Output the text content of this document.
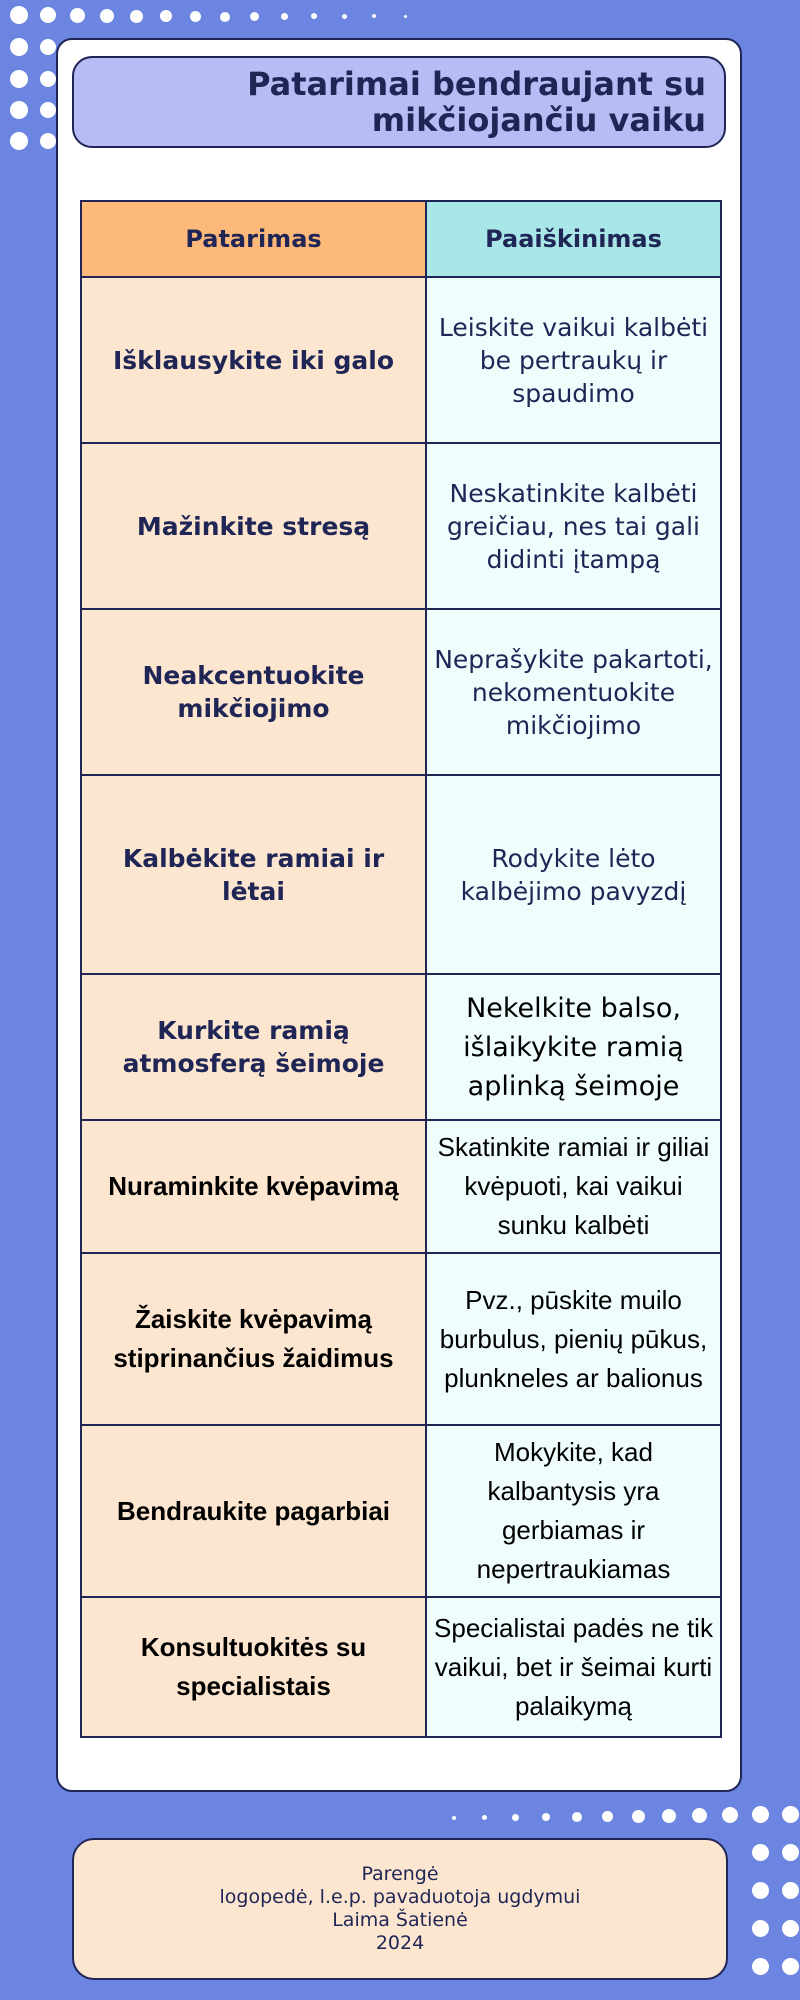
Patarimai bendraujant su mikčiojančiu vaiku
Patarimas	Paaiškinimas
Išklausykite iki galo	Leiskite vaikui kalbėti be pertraukų ir spaudimo
Mažinkite stresą	Neskatinkite kalbėti greičiau, nes tai gali didinti įtampą
Neakcentuokite mikčiojimo	Neprašykite pakartoti, nekomentuokite mikčiojimo
Kalbėkite ramiai ir lėtai	Rodykite lėto kalbėjimo pavyzdį
Kurkite ramią atmosferą šeimoje	Nekelkite balso, išlaikykite ramią aplinką šeimoje
Nuraminkite kvėpavimą	Skatinkite ramiai ir giliai kvėpuoti, kai vaikui sunku kalbėti
Žaiskite kvėpavimą stiprinančius žaidimus	Pvz., pūskite muilo burbulus, pienių pūkus, plunkneles ar balionus
Bendraukite pagarbiai	Mokykite, kad kalbantysis yra gerbiamas ir nepertraukiamas
Konsultuokitės su specialistais	Specialistai padės ne tik vaikui, bet ir šeimai kurti palaikymą
Parengė
logopedė, l.e.p. pavaduotoja ugdymui
Laima Šatienė
2024
